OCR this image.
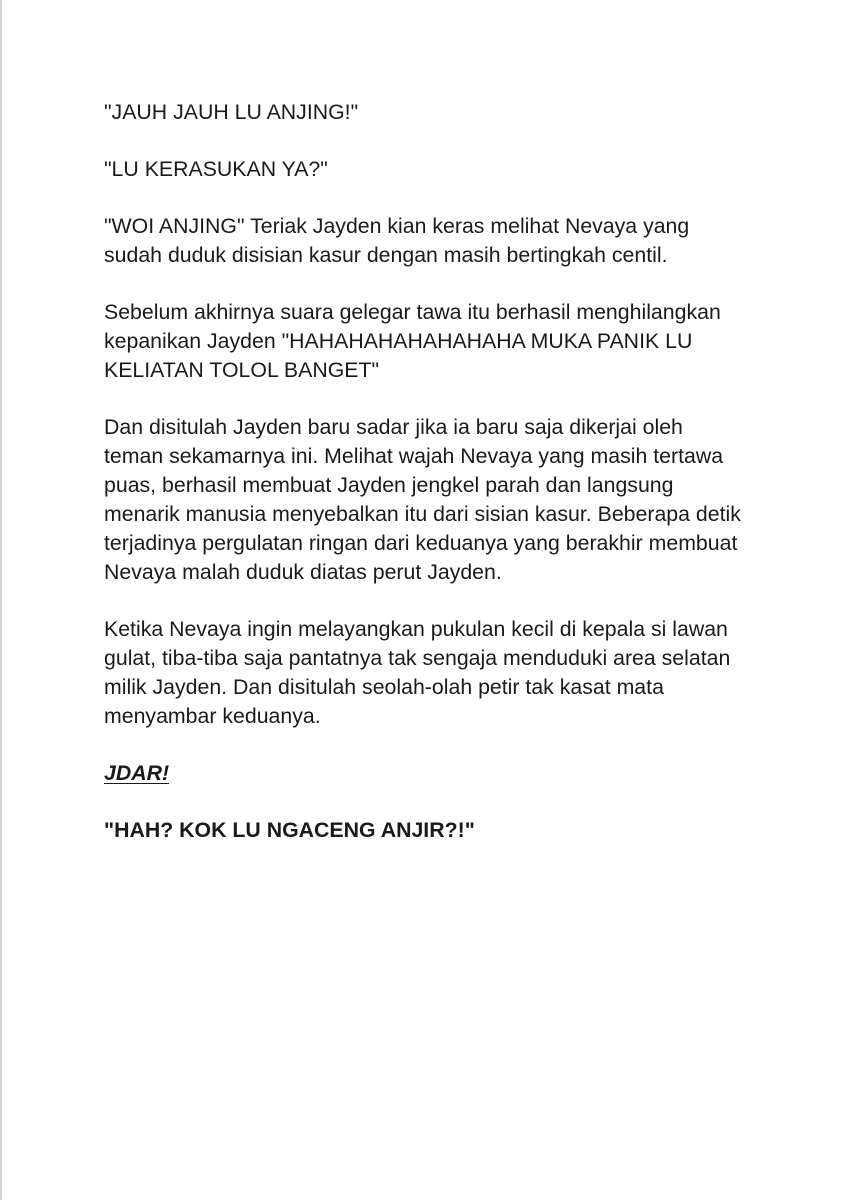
"JAUH JAUH LU ANJING!"

"LU KERASUKAN YA?"

"WOI ANJING" Teriak Jayden kian keras melihat Nevaya yang
sudah duduk disisian kasur dengan masih bertingkah centil.

Sebelum akhirnya suara gelegar tawa itu berhasil menghilangkan
kepanikan Jayden "HAHAHAHAHAHAHAHA MUKA PANIK LU
KELIATAN TOLOL BANGET"

Dan disitulah Jayden baru sadar jika ia baru saja dikerjai oleh
teman sekamarnya ini. Melihat wajah Nevaya yang masih tertawa
puas, berhasil membuat Jayden jengkel parah dan langsung
menarik manusia menyebalkan itu dari sisian kasur. Beberapa detik
terjadinya pergulatan ringan dari keduanya yang berakhir membuat
Nevaya malah duduk diatas perut Jayden.

Ketika Nevaya ingin melayangkan pukulan kecil di kepala si lawan
gulat, tiba-tiba saja pantatnya tak sengaja menduduki area selatan
milik Jayden. Dan disitulah seolah-olah petir tak kasat mata
menyambar keduanya.

JDAR!

"HAH? KOK LU NGACENG ANJIR?!"
